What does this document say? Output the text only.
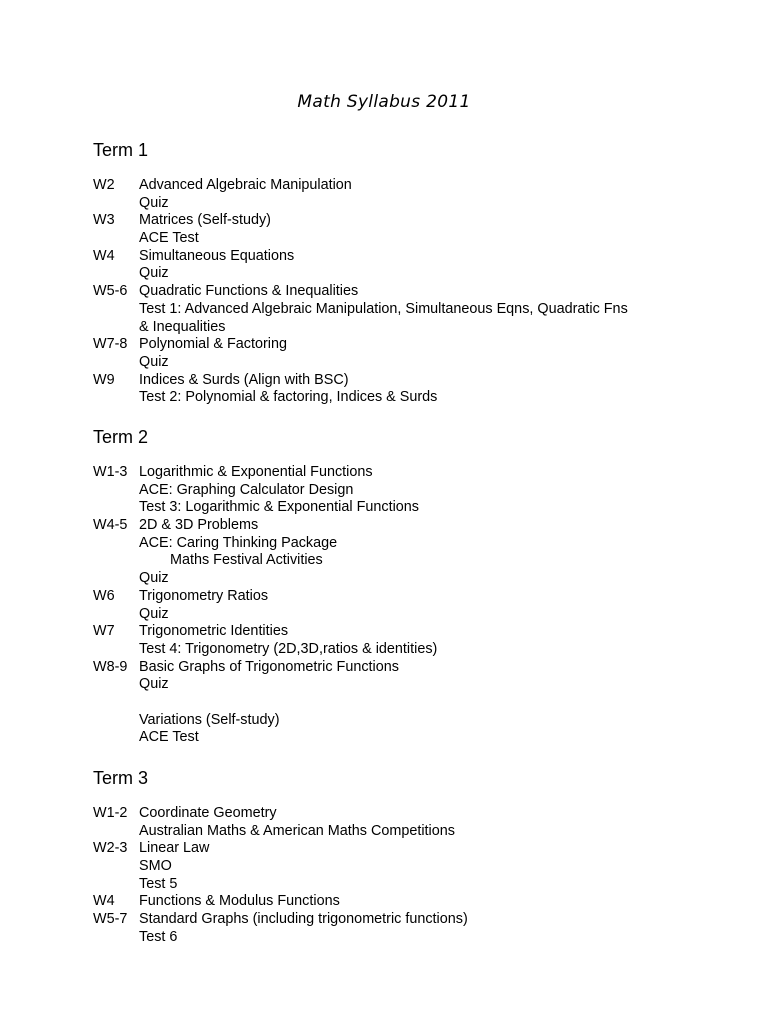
Math Syllabus 2011
Term 1
W2 Advanced Algebraic Manipulation
Quiz
W3 Matrices (Self-study)
ACE Test
W4 Simultaneous Equations
Quiz
W5-6 Quadratic Functions & Inequalities
Test 1: Advanced Algebraic Manipulation, Simultaneous Eqns, Quadratic Fns
& Inequalities
W7-8 Polynomial & Factoring
Quiz
W9 Indices & Surds (Align with BSC)
Test 2: Polynomial & factoring, Indices & Surds
Term 2
W1-3 Logarithmic & Exponential Functions
ACE: Graphing Calculator Design
Test 3: Logarithmic & Exponential Functions
W4-5 2D & 3D Problems
ACE: Caring Thinking Package
Maths Festival Activities
Quiz
W6 Trigonometry Ratios
Quiz
W7 Trigonometric Identities
Test 4: Trigonometry (2D,3D,ratios & identities)
W8-9 Basic Graphs of Trigonometric Functions
Quiz
Variations (Self-study)
ACE Test
Term 3
W1-2 Coordinate Geometry
Australian Maths & American Maths Competitions
W2-3 Linear Law
SMO
Test 5
W4 Functions & Modulus Functions
W5-7 Standard Graphs (including trigonometric functions)
Test 6
